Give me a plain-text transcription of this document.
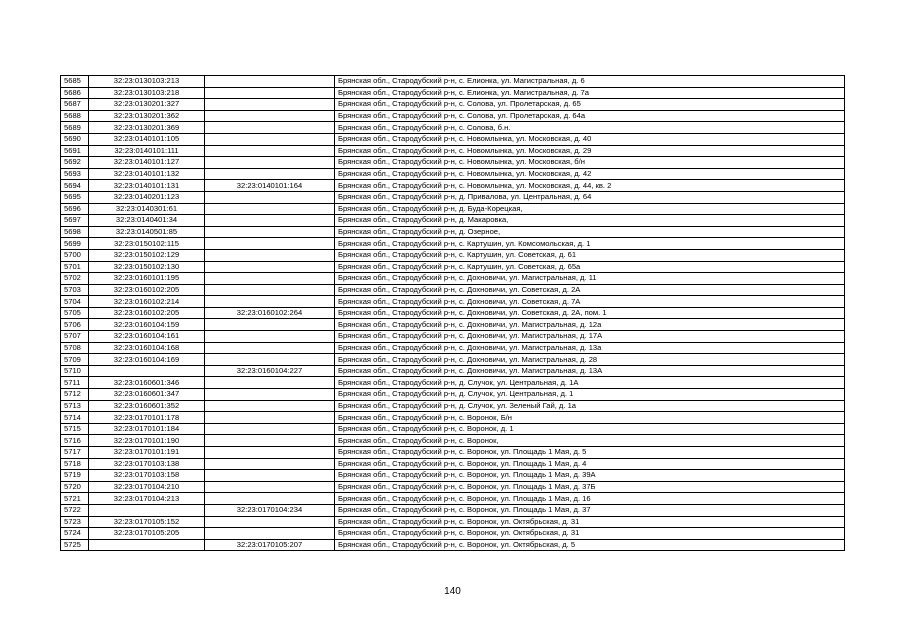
5685	32:23:0130103:213		Брянская обл., Стародубский р-н, с. Елионка, ул. Магистральная, д. 6
5686	32:23:0130103:218		Брянская обл., Стародубский р-н, с. Елионка, ул. Магистральная, д. 7а
5687	32:23:0130201:327		Брянская обл., Стародубский р-н, с. Солова, ул. Пролетарская, д. 65
5688	32:23:0130201:362		Брянская обл., Стародубский р-н, с. Солова, ул. Пролетарская, д. 64а
5689	32:23:0130201:369		Брянская обл., Стародубский р-н, с. Солова, б.н.
5690	32:23:0140101:105		Брянская обл., Стародубский р-н, с. Новомлынка, ул. Московская, д. 40
5691	32:23:0140101:111		Брянская обл., Стародубский р-н, с. Новомлынка, ул. Московская, д. 29
5692	32:23:0140101:127		Брянская обл., Стародубский р-н, с. Новомлынка, ул. Московская, б/н
5693	32:23:0140101:132		Брянская обл., Стародубский р-н, с. Новомлынка, ул. Московская, д. 42
5694	32:23:0140101:131	32:23:0140101:164	Брянская обл., Стародубский р-н, с. Новомлынка, ул. Московская, д. 44, кв. 2
5695	32:23:0140201:123		Брянская обл., Стародубский р-н, д. Привалова, ул. Центральная, д. 64
5696	32:23:0140301:61		Брянская обл., Стародубский р-н, д. Буда-Корецкая,
5697	32:23:0140401:34		Брянская обл., Стародубский р-н, д. Макаровка,
5698	32:23:0140501:85		Брянская обл., Стародубский р-н, д. Озерное,
5699	32:23:0150102:115		Брянская обл., Стародубский р-н, с. Картушин, ул. Комсомольская, д. 1
5700	32:23:0150102:129		Брянская обл., Стародубский р-н, с. Картушин, ул. Советская, д. 61
5701	32:23:0150102:130		Брянская обл., Стародубский р-н, с. Картушин, ул. Советская, д. 65а
5702	32:23:0160101:195		Брянская обл., Стародубский р-н, с. Дохновичи, ул. Магистральная, д. 11
5703	32:23:0160102:205		Брянская обл., Стародубский р-н, с. Дохновичи, ул. Советская, д. 2А
5704	32:23:0160102:214		Брянская обл., Стародубский р-н, с. Дохновичи, ул. Советская, д. 7А
5705	32:23:0160102:205	32:23:0160102:264	Брянская обл., Стародубский р-н, с. Дохновичи, ул. Советская, д. 2А, пом. 1
5706	32:23:0160104:159		Брянская обл., Стародубский р-н, с. Дохновичи, ул. Магистральная, д. 12а
5707	32:23:0160104:161		Брянская обл., Стародубский р-н, с. Дохновичи, ул. Магистральная, д. 17А
5708	32:23:0160104:168		Брянская обл., Стародубский р-н, с. Дохновичи, ул. Магистральная, д. 13а
5709	32:23:0160104:169		Брянская обл., Стародубский р-н, с. Дохновичи, ул. Магистральная, д. 28
5710		32:23:0160104:227	Брянская обл., Стародубский р-н, с. Дохновичи, ул. Магистральная, д. 13А
5711	32:23:0160601:346		Брянская обл., Стародубский р-н, д. Случок, ул. Центральная, д. 1А
5712	32:23:0160601:347		Брянская обл., Стародубский р-н, д. Случок, ул. Центральная, д. 1
5713	32:23:0160601:352		Брянская обл., Стародубский р-н, д. Случок, ул. Зеленый Гай, д. 1а
5714	32:23:0170101:178		Брянская обл., Стародубский р-н, с. Воронок, Б/н
5715	32:23:0170101:184		Брянская обл., Стародубский р-н, с. Воронок, д. 1
5716	32:23:0170101:190		Брянская обл., Стародубский р-н, с. Воронок,
5717	32:23:0170101:191		Брянская обл., Стародубский р-н, с. Воронок, ул. Площадь 1 Мая, д. 5
5718	32:23:0170103:138		Брянская обл., Стародубский р-н, с. Воронок, ул. Площадь 1 Мая, д. 4
5719	32:23:0170103:158		Брянская обл., Стародубский р-н, с. Воронок, ул. Площадь 1 Мая, д. 39А
5720	32:23:0170104:210		Брянская обл., Стародубский р-н, с. Воронок, ул. Площадь 1 Мая, д. 37Б
5721	32:23:0170104:213		Брянская обл., Стародубский р-н, с. Воронок, ул. Площадь 1 Мая, д. 16
5722		32:23:0170104:234	Брянская обл., Стародубский р-н, с. Воронок, ул. Площадь 1 Мая, д. 37
5723	32:23:0170105:152		Брянская обл., Стародубский р-н, с. Воронок, ул. Октябрьская, д. 31
5724	32:23:0170105:205		Брянская обл., Стародубский р-н, с. Воронок, ул. Октябрьская, д. 31
5725		32:23:0170105:207	Брянская обл., Стародубский р-н, с. Воронок, ул. Октябрьская, д. 5
140
